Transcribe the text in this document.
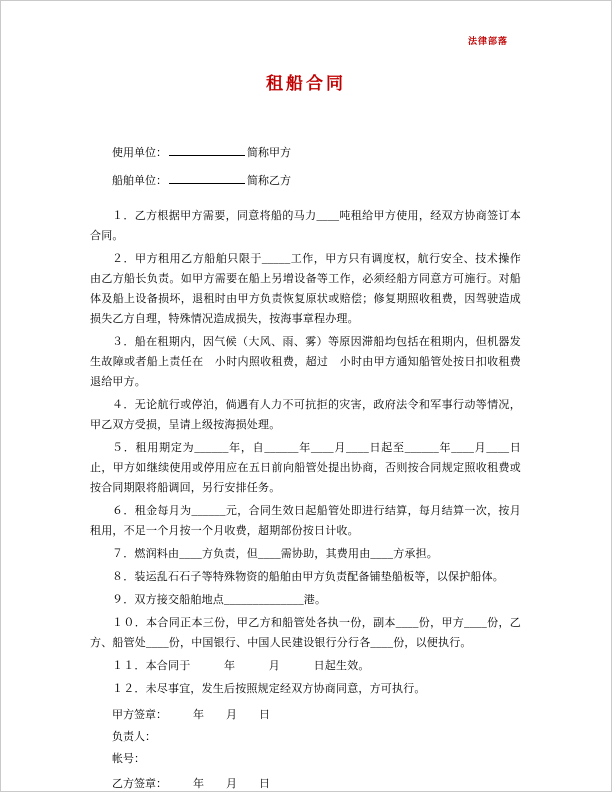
法律部落
租船合同
使用单位：	简称甲方
船舶单位：	简称乙方

１．乙方根据甲方需要，同意将船的马力____吨租给甲方使用，经双方协商签订本合同。

２．甲方租用乙方船舶只限于_____工作，甲方只有调度权，航行安全、技术操作由乙方船长负责。如甲方需要在船上另增设备等工作，必须经船方同意方可施行。对船体及船上设备损坏，退租时由甲方负责恢复原状或赔偿；修复期照收租费，因驾驶造成损失乙方自理，特殊情况造成损失，按海事章程办理。

３．船在租期内，因气候（大风、雨、雾）等原因滞船均包括在租期内，但机器发生故障或者船上责任在　小时内照收租费，超过　小时由甲方通知船管处按日扣收租费退给甲方。

４．无论航行或停泊，倘遇有人力不可抗拒的灾害，政府法令和军事行动等情况，甲乙双方受损，呈请上级按海损处理。

５．租用期定为______年，自______年____月____日起至______年____月____日止，甲方如继续使用或停用应在五日前向船管处提出协商，否则按合同规定照收租费或按合同期限将船调回，另行安排任务。

６．租金每月为______元，合同生效日起船管处即进行结算，每月结算一次，按月租用，不足一个月按一个月收费，超期部份按日计收。

７．燃润料由____方负责，但____需协助，其费用由____方承担。

８．装运乱石石子等特殊物资的船舶由甲方负责配备铺垫船板等，以保护船体。

９．双方接交船舶地点______________港。

１０．本合同正本三份，甲乙方和船管处各执一份，副本____份，甲方____份，乙方、船管处____份，中国银行、中国人民建设银行分行各____份，以便执行。

１１．本合同于　　　年　　　月　　　日起生效。

１２．未尽事宜，发生后按照规定经双方协商同意，方可执行。

甲方签章： 年　　月　　日
负责人：
帐号：
乙方签章： 年　　月　　日
